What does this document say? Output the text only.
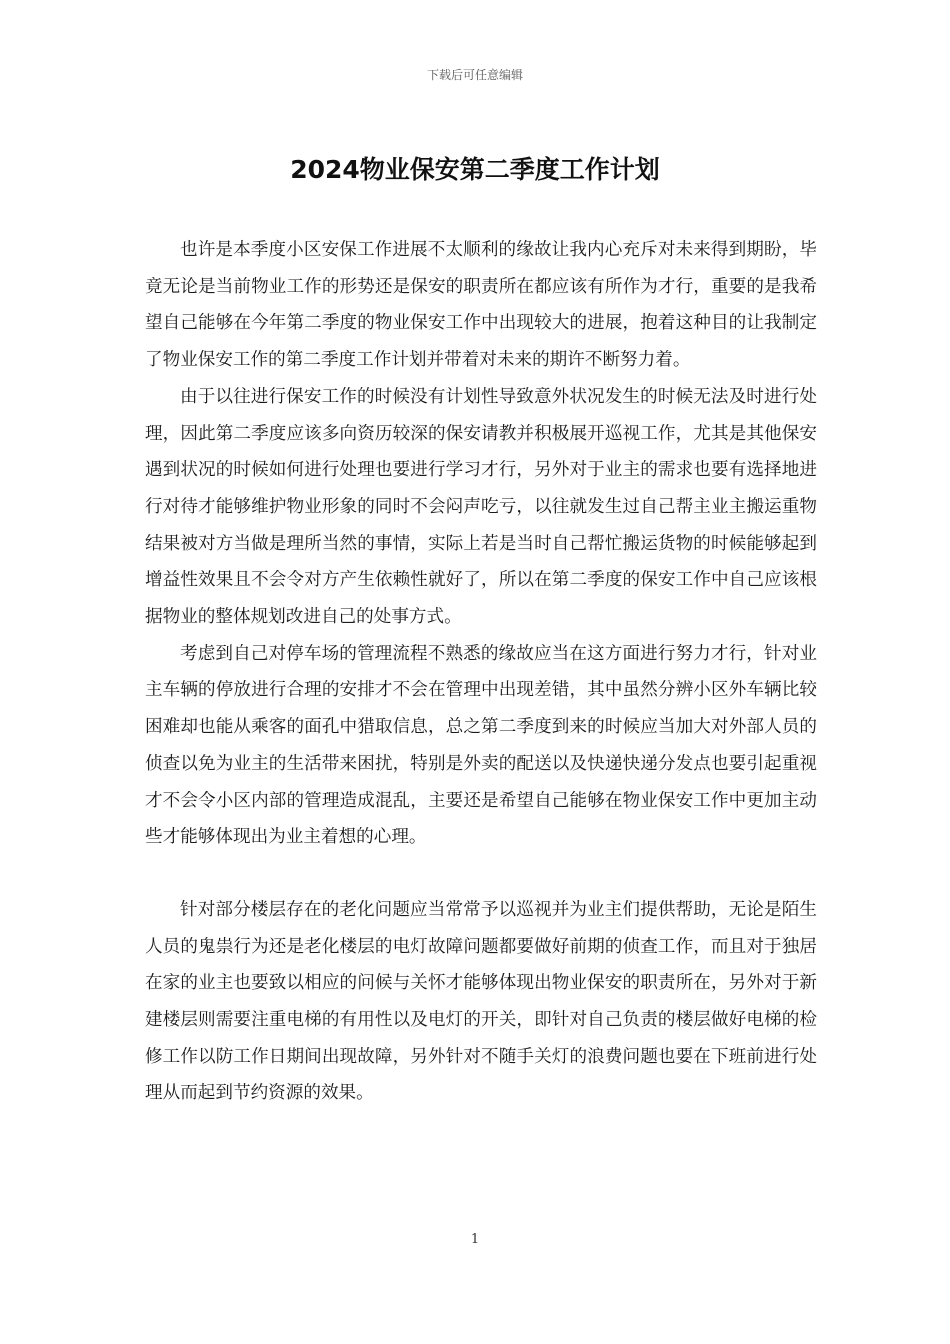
下载后可任意编辑
2024物业保安第二季度工作计划

也许是本季度小区安保工作进展不太顺利的缘故让我内心充斥对未来得到期盼，毕竟无论是当前物业工作的形势还是保安的职责所在都应该有所作为才行，重要的是我希望自己能够在今年第二季度的物业保安工作中出现较大的进展，抱着这种目的让我制定了物业保安工作的第二季度工作计划并带着对未来的期许不断努力着。

由于以往进行保安工作的时候没有计划性导致意外状况发生的时候无法及时进行处理，因此第二季度应该多向资历较深的保安请教并积极展开巡视工作，尤其是其他保安遇到状况的时候如何进行处理也要进行学习才行，另外对于业主的需求也要有选择地进行对待才能够维护物业形象的同时不会闷声吃亏，以往就发生过自己帮主业主搬运重物结果被对方当做是理所当然的事情，实际上若是当时自己帮忙搬运货物的时候能够起到增益性效果且不会令对方产生依赖性就好了，所以在第二季度的保安工作中自己应该根据物业的整体规划改进自己的处事方式。

考虑到自己对停车场的管理流程不熟悉的缘故应当在这方面进行努力才行，针对业主车辆的停放进行合理的安排才不会在管理中出现差错，其中虽然分辨小区外车辆比较困难却也能从乘客的面孔中猎取信息，总之第二季度到来的时候应当加大对外部人员的侦查以免为业主的生活带来困扰，特别是外卖的配送以及快递快递分发点也要引起重视才不会令小区内部的管理造成混乱，主要还是希望自己能够在物业保安工作中更加主动些才能够体现出为业主着想的心理。

针对部分楼层存在的老化问题应当常常予以巡视并为业主们提供帮助，无论是陌生人员的鬼祟行为还是老化楼层的电灯故障问题都要做好前期的侦查工作，而且对于独居在家的业主也要致以相应的问候与关怀才能够体现出物业保安的职责所在，另外对于新建楼层则需要注重电梯的有用性以及电灯的开关，即针对自己负责的楼层做好电梯的检修工作以防工作日期间出现故障，另外针对不随手关灯的浪费问题也要在下班前进行处理从而起到节约资源的效果。

1
